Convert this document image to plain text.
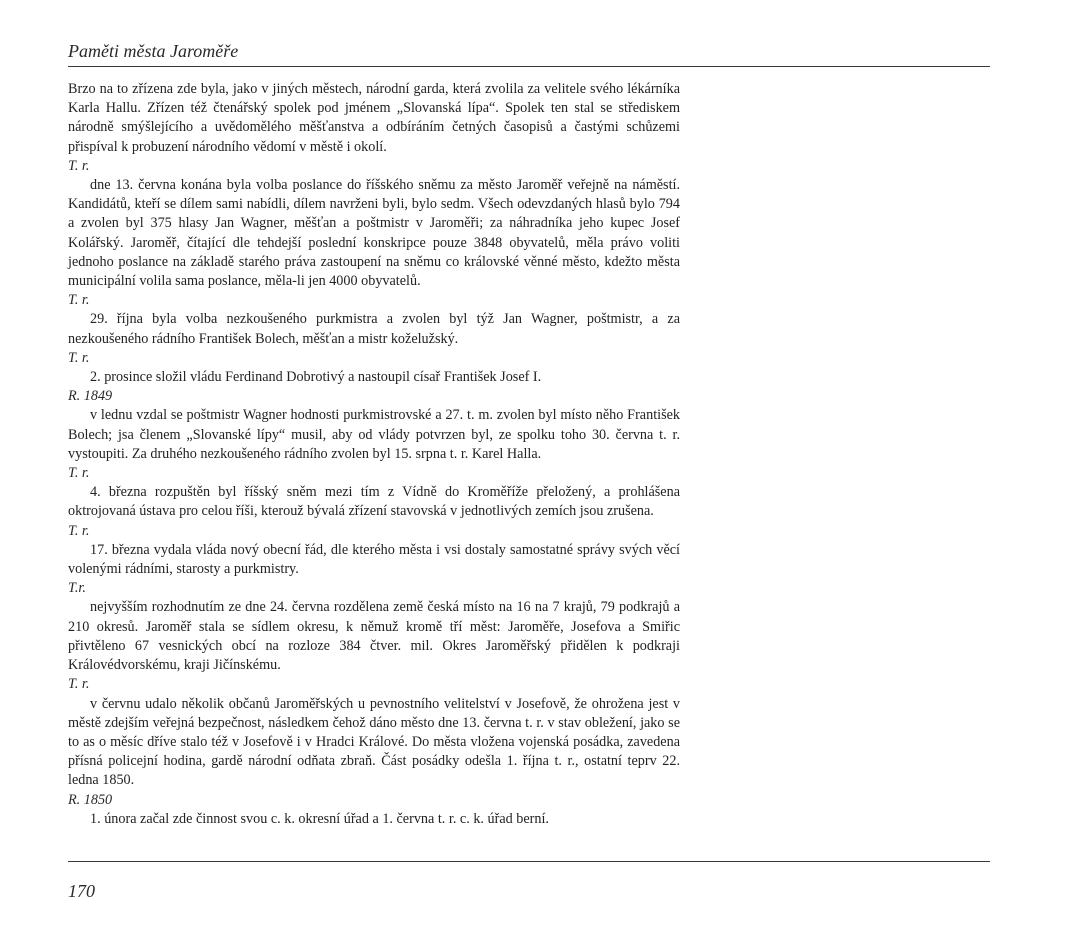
Paměti města Jaroměře

Brzo na to zřízena zde byla, jako v jiných městech, národní garda, která zvolila za velitele svého lékárníka Karla Hallu. Zřízen též čtenářský spolek pod jménem „Slovanská lípa“. Spolek ten stal se střediskem národně smýšlejícího a uvědomělého měšťanstva a odbíráním četných časopisů a častými schůzemi přispíval k probuzení národního vědomí v městě i okolí.

T. r.

dne 13. června konána byla volba poslance do říšského sněmu za město Jaroměř veřejně na náměstí. Kandidátů, kteří se dílem sami nabídli, dílem navrženi byli, bylo sedm. Všech odevzdaných hlasů bylo 794 a zvolen byl 375 hlasy Jan Wagner, měšťan a poštmistr v Jaroměři; za náhradníka jeho kupec Josef Kolářský. Jaroměř, čítající dle tehdejší poslední konskripce pouze 3848 obyvatelů, měla právo voliti jednoho poslance na základě starého práva zastoupení na sněmu co královské věnné město, kdežto města municipální volila sama poslance, měla-li jen 4000 obyvatelů.

T. r.

29. října byla volba nezkoušeného purkmistra a zvolen byl týž Jan Wagner, poštmistr, a za nezkoušeného rádního František Bolech, měšťan a mistr koželužský.

T. r.

2. prosince složil vládu Ferdinand Dobrotivý a nastoupil císař František Josef I.

R. 1849

v lednu vzdal se poštmistr Wagner hodnosti purkmistrovské a 27. t. m. zvolen byl místo něho František Bolech; jsa členem „Slovanské lípy“ musil, aby od vlády potvrzen byl, ze spolku toho 30. června t. r. vystoupiti. Za druhého nezkoušeného rádního zvolen byl 15. srpna t. r. Karel Halla.

T. r.

4. března rozpuštěn byl říšský sněm mezi tím z Vídně do Kroměříže přeložený, a prohlášena oktrojovaná ústava pro celou říši, kterouž bývalá zřízení stavovská v jednotlivých zemích jsou zrušena.

T. r.

17. března vydala vláda nový obecní řád, dle kterého města i vsi dostaly samostatné správy svých věcí volenými rádními, starosty a purkmistry.

T.r.

nejvyšším rozhodnutím ze dne 24. června rozdělena země česká místo na 16 na 7 krajů, 79 podkrajů a 210 okresů. Jaroměř stala se sídlem okresu, k němuž kromě tří měst: Jaroměře, Josefova a Smiřic přivtěleno 67 vesnických obcí na rozloze 384 čtver. mil. Okres Jaroměřský přidělen k podkraji Královédvorskému, kraji Jičínskému.

T. r.

v červnu udalo několik občanů Jaroměřských u pevnostního velitelství v Josefově, že ohrožena jest v městě zdejším veřejná bezpečnost, následkem čehož dáno město dne 13. června t. r. v stav obležení, jako se to as o měsíc dříve stalo též v Josefově i v Hradci Králové. Do města vložena vojenská posádka, zavedena přísná policejní hodina, gardě národní odňata zbraň. Část posádky odešla 1. října t. r., ostatní teprv 22. ledna 1850.

R. 1850

1. února začal zde činnost svou c. k. okresní úřad a 1. června t. r. c. k. úřad berní.

170
